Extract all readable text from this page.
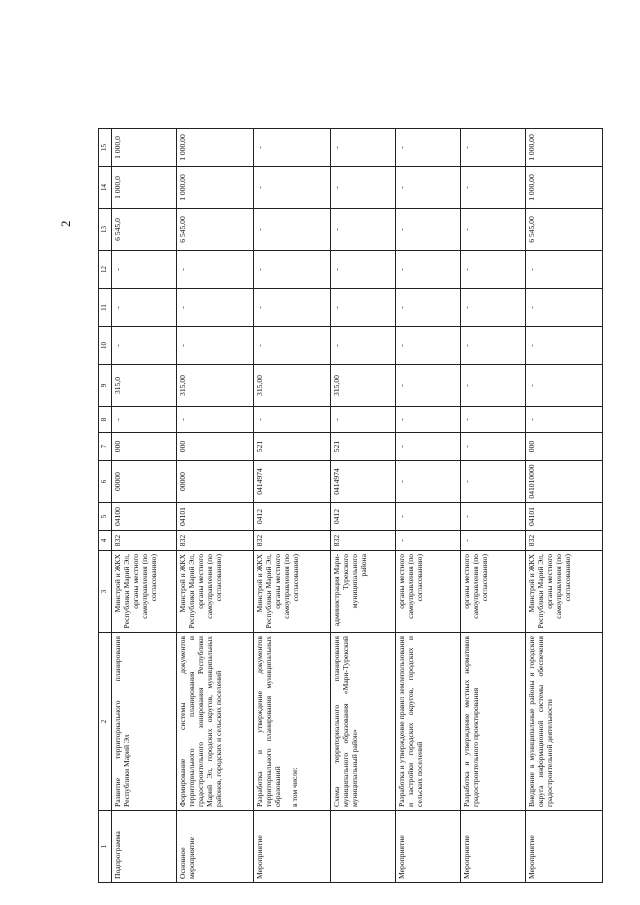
2
1	2	3	4	5	6	7	8	9	10	11	12	13	14	15
Подпрограмма	Развитие территориального планирования Республики Марий Эл	Минстрой и ЖКХ Республики Марий Эл, органы местного самоуправления (по согласованию)	832	04100	00000	000	-	315,0	-	-	-	6 545,0	1 000,0	1 000,0
Основное мероприятие	Формирование системы документов территориального планирования и градостроительного зонирования Республики Марий Эл, городских округов, муниципальных районов, городских и сельских поселений	Минстрой и ЖКХ Республики Марий Эл, органы местного самоуправления (по согласованию)	832	04101	00000	000	-	315,00	-	-	-	6 545,00	1 000,00	1 000,00
Мероприятие	Разработка и утверждение документов территориального планирования муниципальных образований в том числе:	Минстрой и ЖКХ Республики Марий Эл, органы местного самоуправления (по согласованию)	832	0412	0414974	521	-	315,00	-	-	-	-	-	-
	Схема территориального планирования муниципального образования «Мари-Турекский муниципальный район»	администрация Мари-Турекского муниципального района	832	0412	0414974	521	-	315,00	-	-	-	-	-	-
Мероприятие	Разработка и утверждение правил землепользования и застройки городских округов, городских и сельских поселений	органы местного самоуправления (по согласованию)	-	-	-	-	-	-	-	-	-	-	-	-
Мероприятие	Разработка и утверждение местных нормативов градостроительного проектирования	органы местного самоуправления (по согласованию)	-	-	-	-	-	-	-	-	-	-	-	-
Мероприятие	Внедрение в муниципальные районы и городские округа информационной системы обеспечения градостроительной деятельности	Минстрой и ЖКХ Республики Марий Эл, органы местного самоуправления (по согласованию)	832	04101	041010000	000	-	-	-	-	-	6 545,00	1 000,00	1 000,00
